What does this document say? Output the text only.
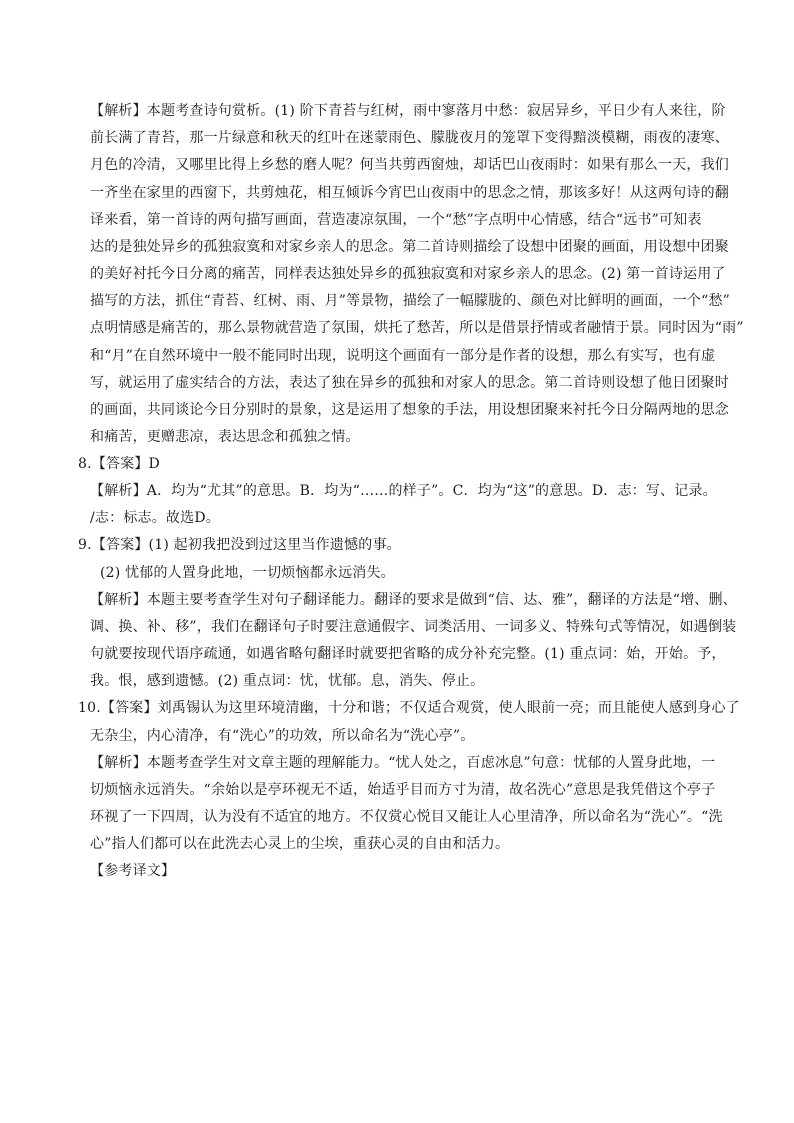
【解析】本题考查诗句赏析。(1) 阶下青苔与红树，雨中寥落月中愁：寂居异乡，平日少有人来往，阶
前长满了青苔，那一片绿意和秋天的红叶在迷蒙雨色、朦胧夜月的笼罩下变得黯淡模糊，雨夜的凄寒、
月色的冷清，又哪里比得上乡愁的磨人呢？何当共剪西窗烛，却话巴山夜雨时：如果有那么一天，我们
一齐坐在家里的西窗下，共剪烛花，相互倾诉今宵巴山夜雨中的思念之情，那该多好！从这两句诗的翻
译来看，第一首诗的两句描写画面，营造凄凉氛围，一个“愁”字点明中心情感，结合“远书”可知表
达的是独处异乡的孤独寂寞和对家乡亲人的思念。第二首诗则描绘了设想中团聚的画面，用设想中团聚
的美好衬托今日分离的痛苦，同样表达独处异乡的孤独寂寞和对家乡亲人的思念。(2) 第一首诗运用了
描写的方法，抓住“青苔、红树、雨、月”等景物，描绘了一幅朦胧的、颜色对比鲜明的画面，一个“愁”
点明情感是痛苦的，那么景物就营造了氛围，烘托了愁苦，所以是借景抒情或者融情于景。同时因为“雨”
和“月”在自然环境中一般不能同时出现，说明这个画面有一部分是作者的设想，那么有实写，也有虚
写，就运用了虚实结合的方法，表达了独在异乡的孤独和对家人的思念。第二首诗则设想了他日团聚时
的画面，共同谈论今日分别时的景象，这是运用了想象的手法，用设想团聚来衬托今日分隔两地的思念
和痛苦，更赠悲凉，表达思念和孤独之情。
8.【答案】D
【解析】A．均为“尤其”的意思。B．均为“……的样子”。C．均为“这”的意思。D．志：写、记录。
/志：标志。故选D。
9.【答案】(1) 起初我把没到过这里当作遗憾的事。
(2) 忧郁的人置身此地，一切烦恼都永远消失。
【解析】本题主要考查学生对句子翻译能力。翻译的要求是做到“信、达、雅”，翻译的方法是“增、删、
调、换、补、移”，我们在翻译句子时要注意通假字、词类活用、一词多义、特殊句式等情况，如遇倒装
句就要按现代语序疏通，如遇省略句翻译时就要把省略的成分补充完整。(1) 重点词：始，开始。予，
我。恨，感到遗憾。(2) 重点词：忧，忧郁。息，消失、停止。
10.【答案】刘禹锡认为这里环境清幽，十分和谐；不仅适合观赏，使人眼前一亮；而且能使人感到身心了
无杂尘，内心清净，有“洗心”的功效，所以命名为“洗心亭”。
【解析】本题考查学生对文章主题的理解能力。“忧人处之，百虑冰息”句意：忧郁的人置身此地，一
切烦恼永远消失。“余始以是亭环视无不适，始适乎目而方寸为清，故名洗心”意思是我凭借这个亭子
环视了一下四周，认为没有不适宜的地方。不仅赏心悦目又能让人心里清净，所以命名为“洗心”。“洗
心”指人们都可以在此洗去心灵上的尘埃，重获心灵的自由和活力。
【参考译文】
